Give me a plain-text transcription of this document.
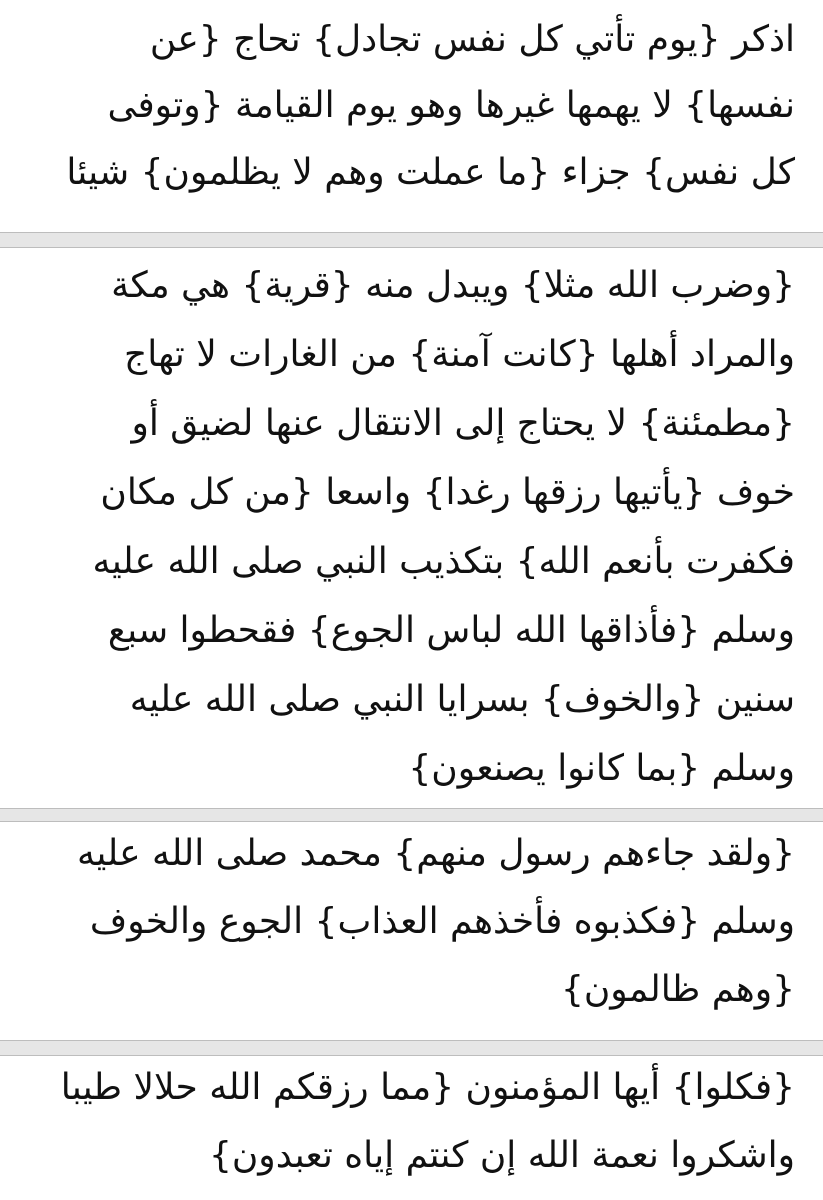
اذكر {يوم تأتي كل نفس تجادل} تحاج {عن
نفسها} لا يهمها غيرها وهو يوم القيامة {وتوفى
كل نفس} جزاء {ما عملت وهم لا يظلمون} شيئا
{وضرب الله مثلا} ويبدل منه {قرية} هي مكة
والمراد أهلها {كانت آمنة} من الغارات لا تهاج
{مطمئنة} لا يحتاج إلى الانتقال عنها لضيق أو
خوف {يأتيها رزقها رغدا} واسعا {من كل مكان
فكفرت بأنعم الله} بتكذيب النبي صلى الله عليه
وسلم {فأذاقها الله لباس الجوع} فقحطوا سبع
سنين {والخوف} بسرايا النبي صلى الله عليه
وسلم {بما كانوا يصنعون}
{ولقد جاءهم رسول منهم} محمد صلى الله عليه
وسلم {فكذبوه فأخذهم العذاب} الجوع والخوف
{وهم ظالمون}
{فكلوا} أيها المؤمنون {مما رزقكم الله حلالا طيبا
واشكروا نعمة الله إن كنتم إياه تعبدون}
